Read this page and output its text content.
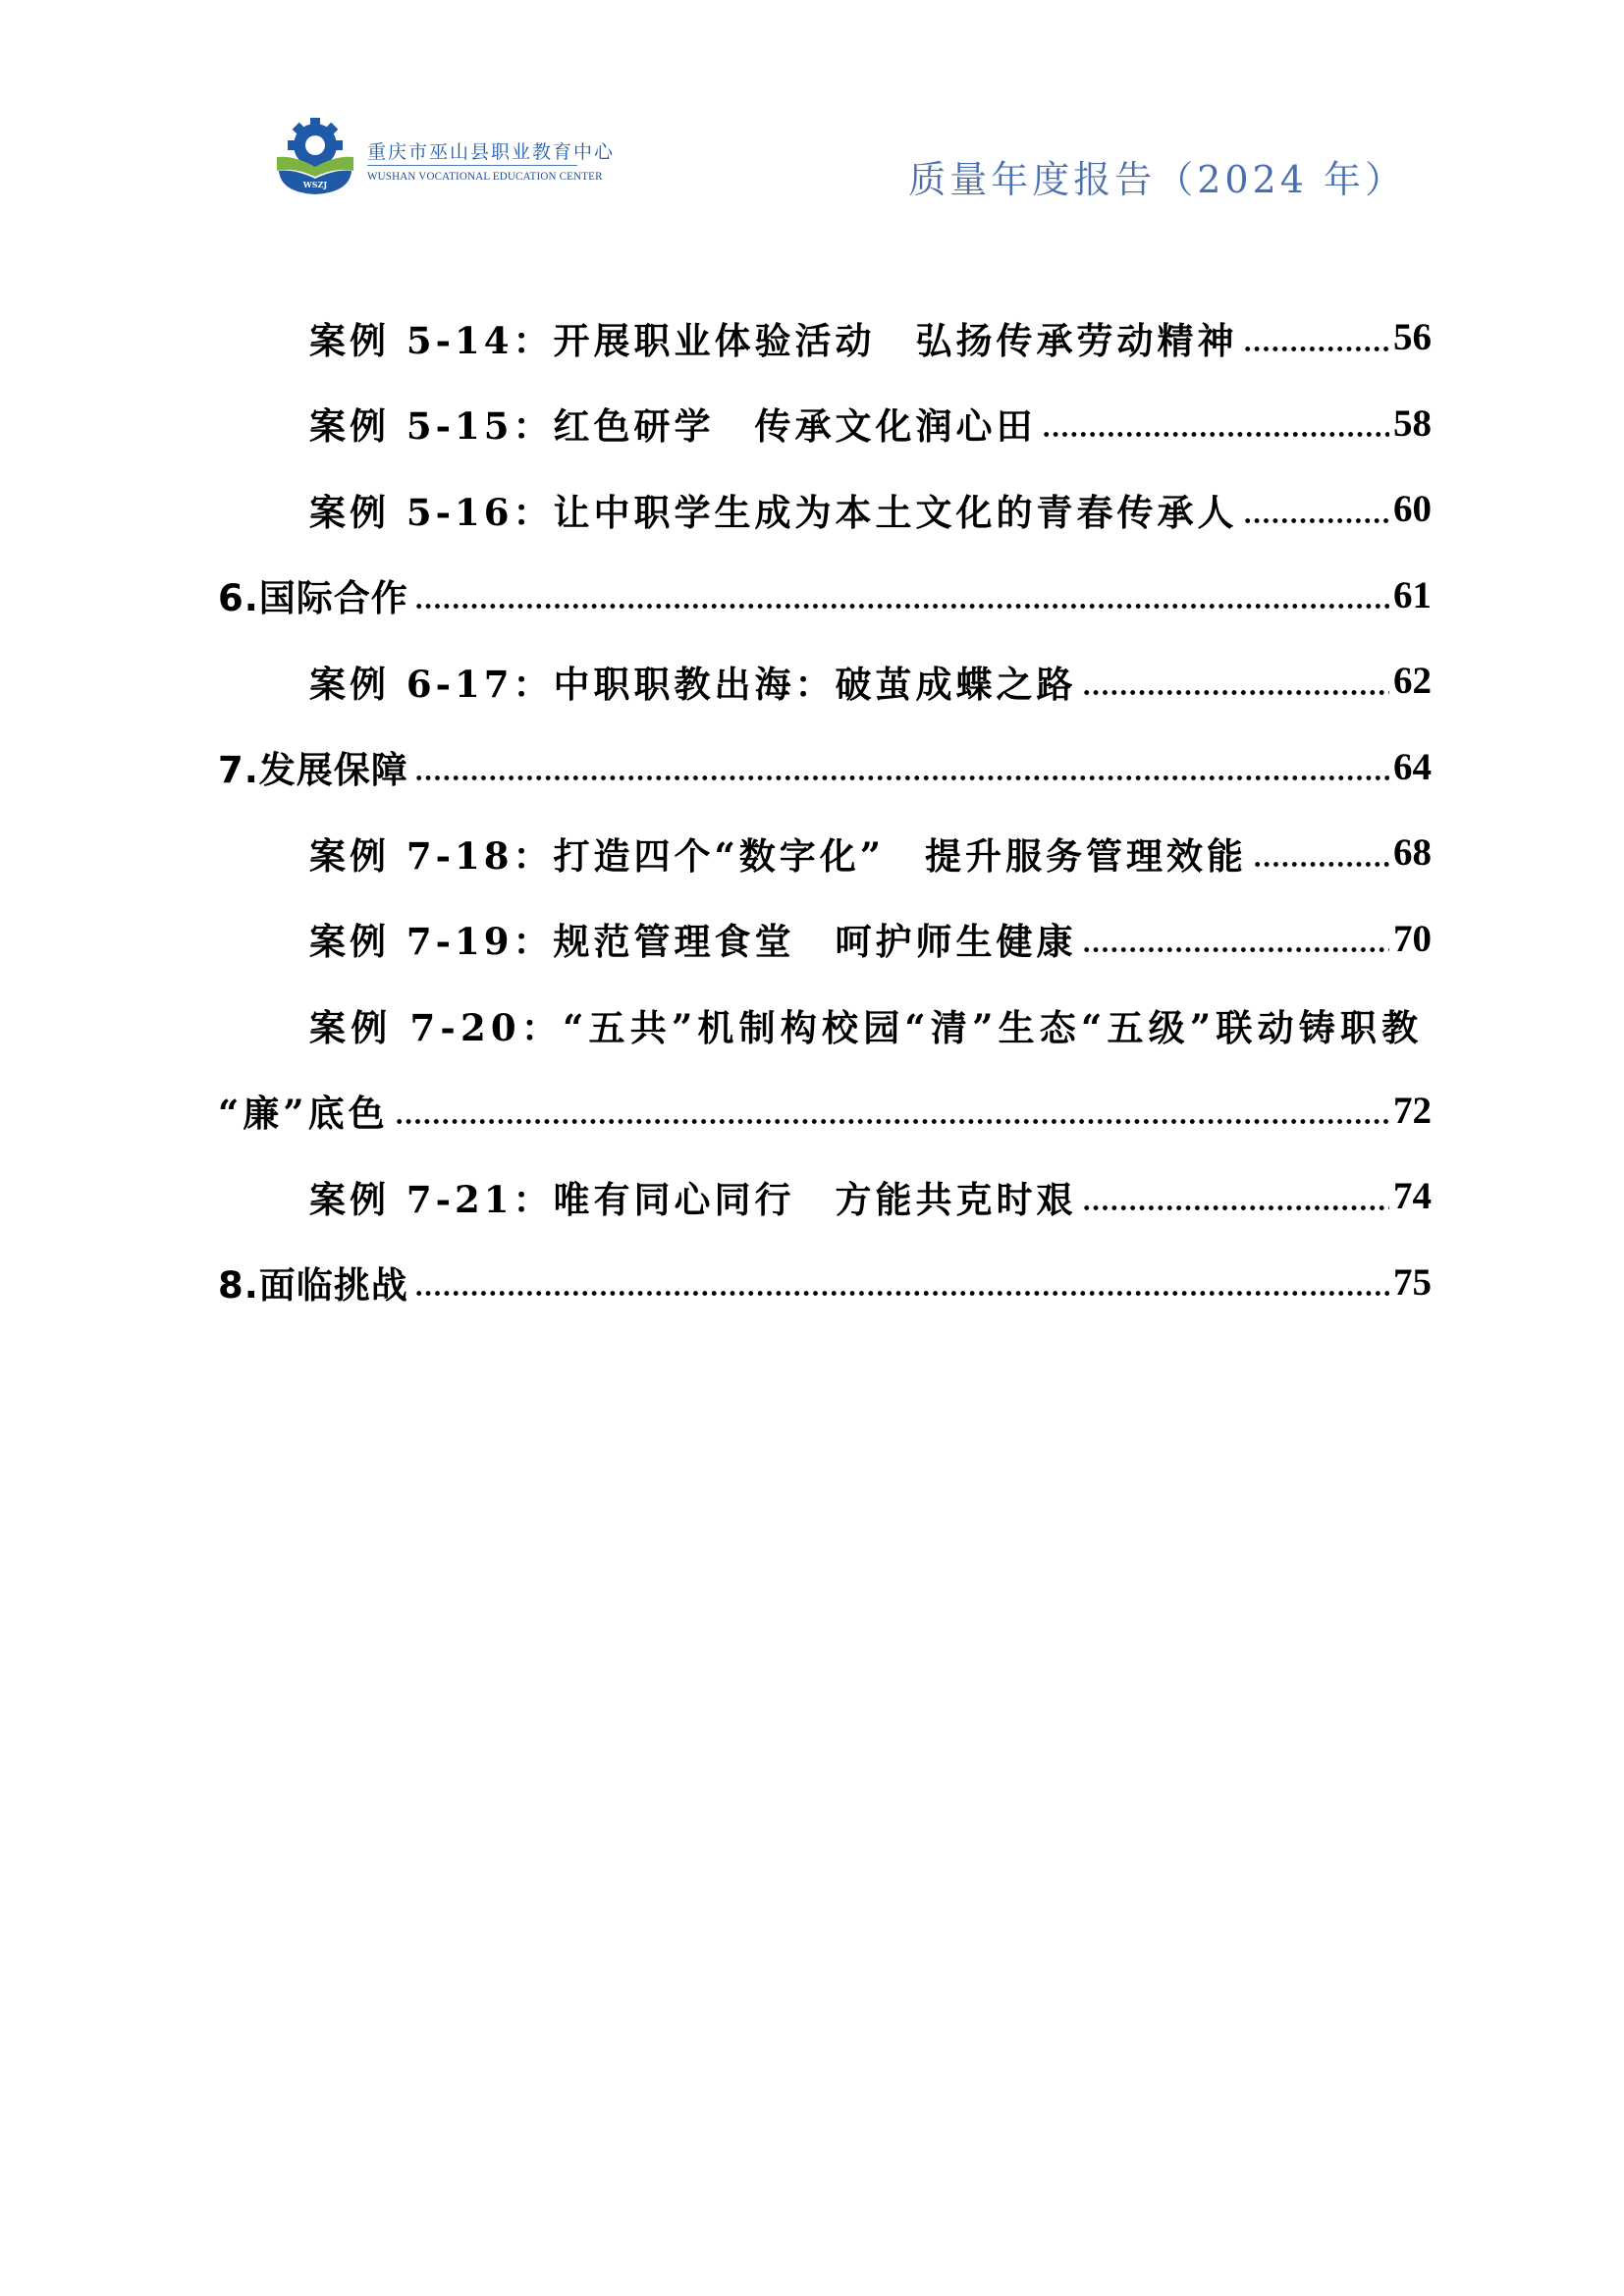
WSZJ
重庆市巫山县职业教育中心
WUSHAN VOCATIONAL EDUCATION CENTER	质量年度报告（2024 年）
案例 5-14：开展职业体验活动　弘扬传承劳动精神	56
案例 5-15：红色研学　传承文化润心田	58
案例 5-16：让中职学生成为本土文化的青春传承人	60
6.国际合作	61
案例 6-17：中职职教出海：破茧成蝶之路	62
7.发展保障	64
案例 7-18：打造四个“数字化”　提升服务管理效能	68
案例 7-19：规范管理食堂　呵护师生健康	70
案例 7-20：“五共”机制构校园“清”生态“五级”联动铸职教
“廉”底色	72
案例 7-21：唯有同心同行　方能共克时艰	74
8.面临挑战	75
